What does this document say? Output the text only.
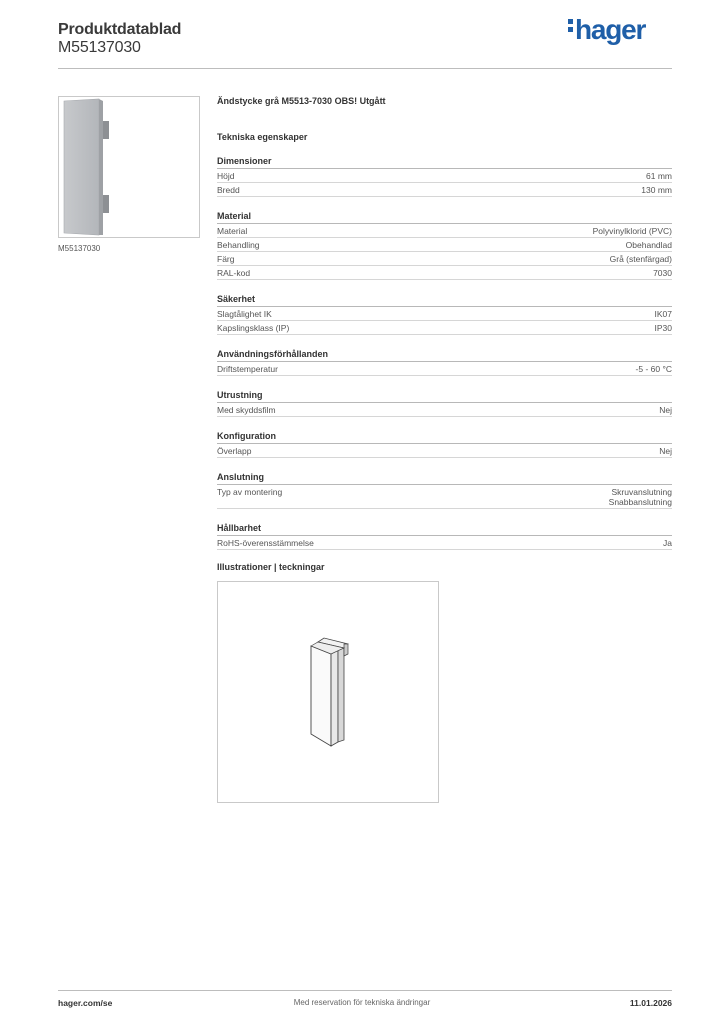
Produktdatablad
M55137030
hager
M55137030
Ändstycke grå M5513-7030 OBS! Utgått
Tekniska egenskaper
Dimensioner
Höjd	61 mm
Bredd	130 mm
Material
Material	Polyvinylklorid (PVC)
Behandling	Obehandlad
Färg	Grå (stenfärgad)
RAL-kod	7030
Säkerhet
Slagtålighet IK	IK07
Kapslingsklass (IP)	IP30
Användningsförhållanden
Driftstemperatur	-5 - 60 °C
Utrustning
Med skyddsfilm	Nej
Konfiguration
Överlapp	Nej
Anslutning
Typ av montering	Skruvanslutning
Snabbanslutning
Hållbarhet
RoHS-överensstämmelse	Ja
Illustrationer | teckningar
hager.com/se	Med reservation för tekniska ändringar	11.01.2026
